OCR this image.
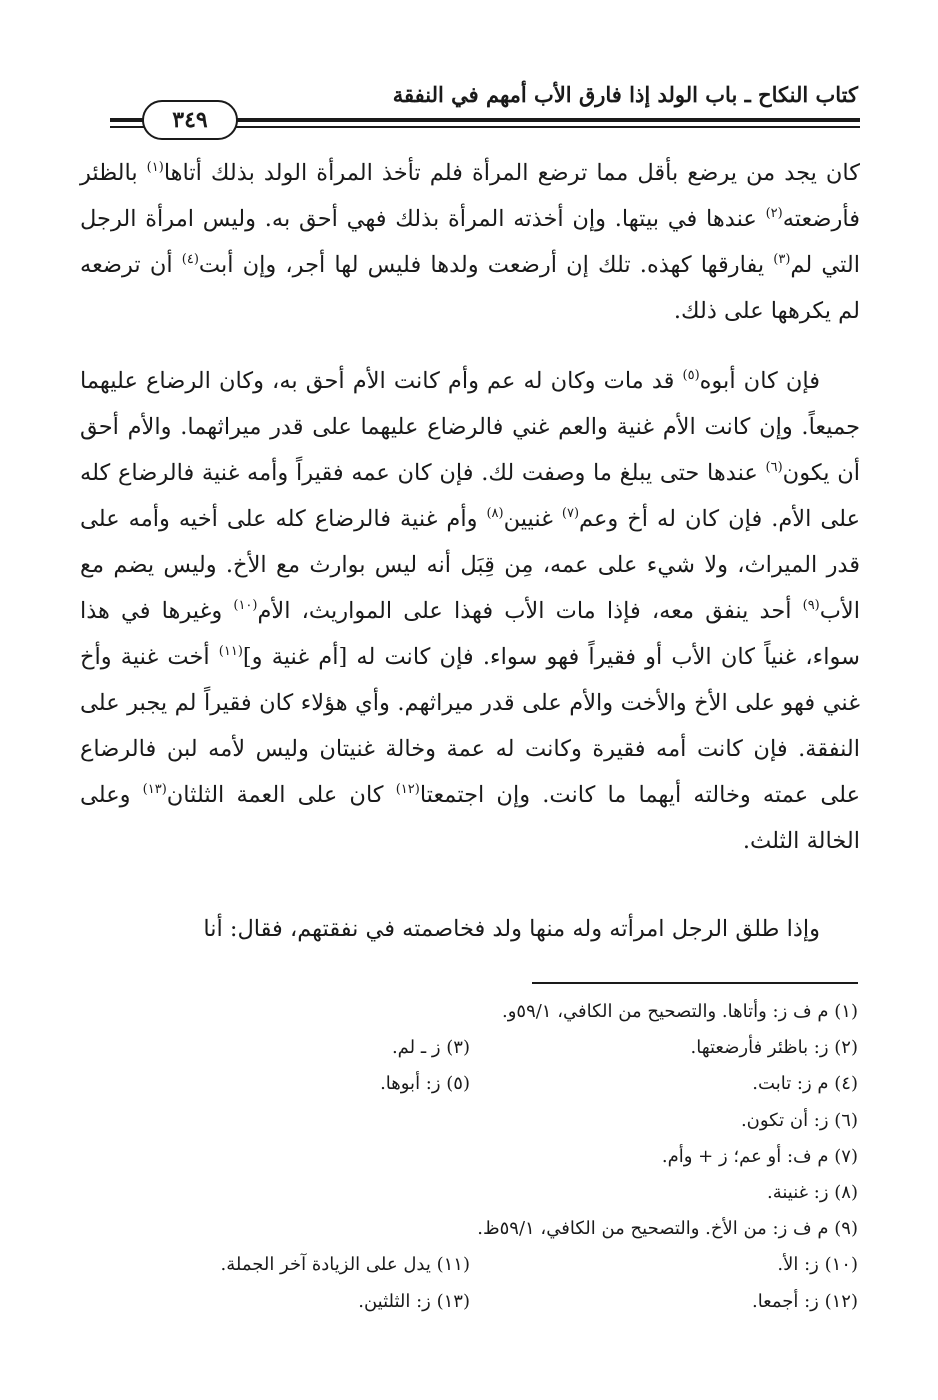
كتاب النكاح ـ باب الولد إذا فارق الأب أمهم في النفقة
٣٤٩
كان يجد من يرضع بأقل مما ترضع المرأة فلم تأخذ المرأة الولد بذلك أتاها$^{(١)}$ بالظئر فأرضعته$^{(٢)}$ عندها في بيتها. وإن أخذته المرأة بذلك فهي أحق به. وليس امرأة الرجل التي لم$^{(٣)}$ يفارقها كهذه. تلك إن أرضعت ولدها فليس لها أجر، وإن أبت$^{(٤)}$ أن ترضعه لم يكرهها على ذلك.
فإن كان أبوه$^{(٥)}$ قد مات وكان له عم وأم كانت الأم أحق به، وكان الرضاع عليهما جميعاً. وإن كانت الأم غنية والعم غني فالرضاع عليهما على قدر ميراثهما. والأم أحق أن يكون$^{(٦)}$ عندها حتى يبلغ ما وصفت لك. فإن كان عمه فقيراً وأمه غنية فالرضاع كله على الأم. فإن كان له أخ وعم$^{(٧)}$ غنيين$^{(٨)}$ وأم غنية فالرضاع كله على أخيه وأمه على قدر الميراث، ولا شيء على عمه، مِن قِبَل أنه ليس بوارث مع الأخ. وليس يضم مع الأب$^{(٩)}$ أحد ينفق معه، فإذا مات الأب فهذا على المواريث، الأم$^{(١٠)}$ وغيرها في هذا سواء، غنياً كان الأب أو فقيراً فهو سواء. فإن كانت له [أم غنية و]$^{(١١)}$ أخت غنية وأخ غني فهو على الأخ والأخت والأم على قدر ميراثهم. وأي هؤلاء كان فقيراً لم يجبر على النفقة. فإن كانت أمه فقيرة وكانت له عمة وخالة غنيتان وليس لأمه لبن فالرضاع على عمته وخالته أيهما ما كانت. وإن اجتمعتا$^{(١٢)}$ كان على العمة الثلثان$^{(١٣)}$ وعلى الخالة الثلث.
وإذا طلق الرجل امرأته وله منها ولد فخاصمته في نفقتهم، فقال: أنا
(١) م ف ز: وأتاها. والتصحيح من الكافي، ٥٩/١و.
(٢) ز: باظئر فأرضعتها.
(٣) ز ـ لم.
(٤) م ز: تابت.
(٥) ز: أبوها.
(٦) ز: أن تكون.
(٧) م ف: أو عم؛ ز + وأم.
(٨) ز: غنينة.
(٩) م ف ز: من الأخ. والتصحيح من الكافي، ٥٩/١ظ.
(١٠) ز: الأ.
(١١) يدل على الزيادة آخر الجملة.
(١٢) ز: أجمعا.
(١٣) ز: الثلثين.
